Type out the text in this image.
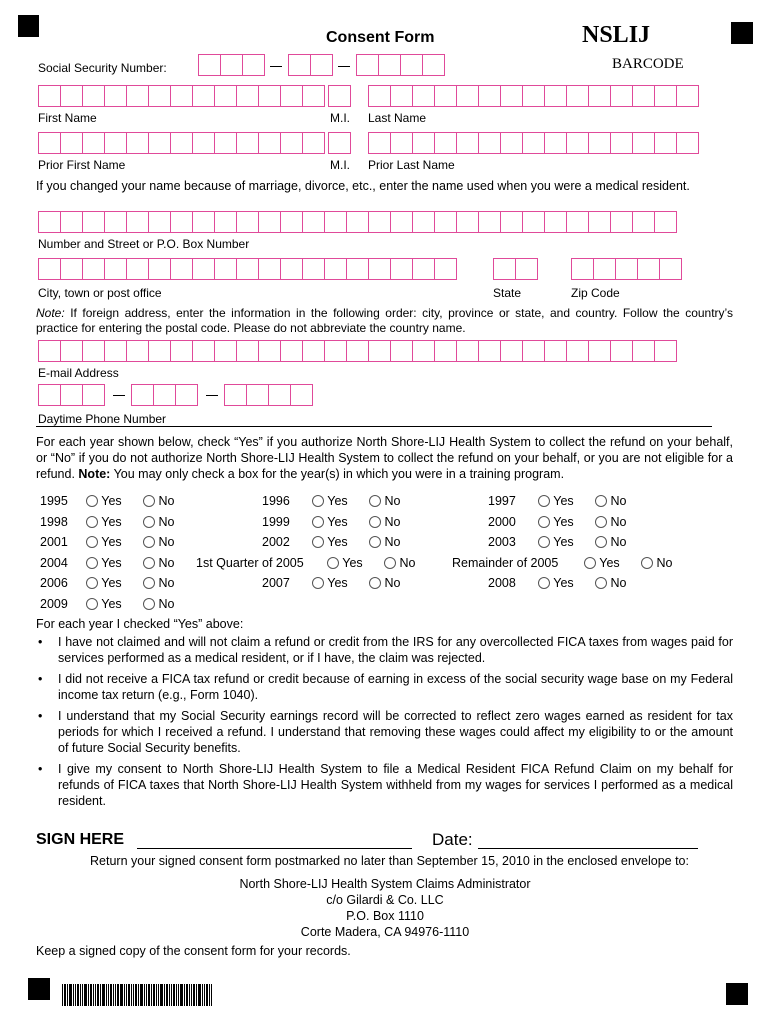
Consent Form	NSLIJ
BARCODE
Social Security Number:
First Name	M.I. Last Name
Prior First Name	M.I. Prior Last Name
If you changed your name because of marriage, divorce, etc., enter the name used when you were a medical resident.
Number and Street or P.O. Box Number
City, town or post office	State	Zip Code
Note: If foreign address, enter the information in the following order: city, province or state, and country. Follow the country’s practice for entering the postal code. Please do not abbreviate the country name.
E-mail Address
Daytime Phone Number
For each year shown below, check “Yes” if you authorize North Shore-LIJ Health System to collect the refund on your behalf, or “No” if you do not authorize North Shore-LIJ Health System to collect the refund on your behalf, or you are not eligible for a refund. Note: You may only check a box for the year(s) in which you were in a training program.
1995	Yes	No	1996	Yes	No	1997	Yes	No
1998	Yes	No	1999	Yes	No	2000	Yes	No
2001	Yes	No	2002	Yes	No	2003	Yes	No
2004	Yes	No 1st Quarter of 2005	Yes	No	Remainder of 2005	Yes	No
2006	Yes	No	2007	Yes	No	2008	Yes	No
2009	Yes	No
For each year I checked “Yes” above:
• I have not claimed and will not claim a refund or credit from the IRS for any overcollected FICA taxes from wages paid for services performed as a medical resident, or if I have, the claim was rejected.
• I did not receive a FICA tax refund or credit because of earning in excess of the social security wage base on my Federal income tax return (e.g., Form 1040).
• I understand that my Social Security earnings record will be corrected to reflect zero wages earned as resident for tax periods for which I received a refund. I understand that removing these wages could affect my eligibility to or the amount of future Social Security benefits.
• I give my consent to North Shore-LIJ Health System to file a Medical Resident FICA Refund Claim on my behalf for refunds of FICA taxes that North Shore-LIJ Health System withheld from my wages for services I performed as a medical resident.
SIGN HERE	Date:
Return your signed consent form postmarked no later than September 15, 2010 in the enclosed envelope to:
North Shore-LIJ Health System Claims Administrator
c/o Gilardi & Co. LLC
P.O. Box 1110
Corte Madera, CA 94976-1110
Keep a signed copy of the consent form for your records.
